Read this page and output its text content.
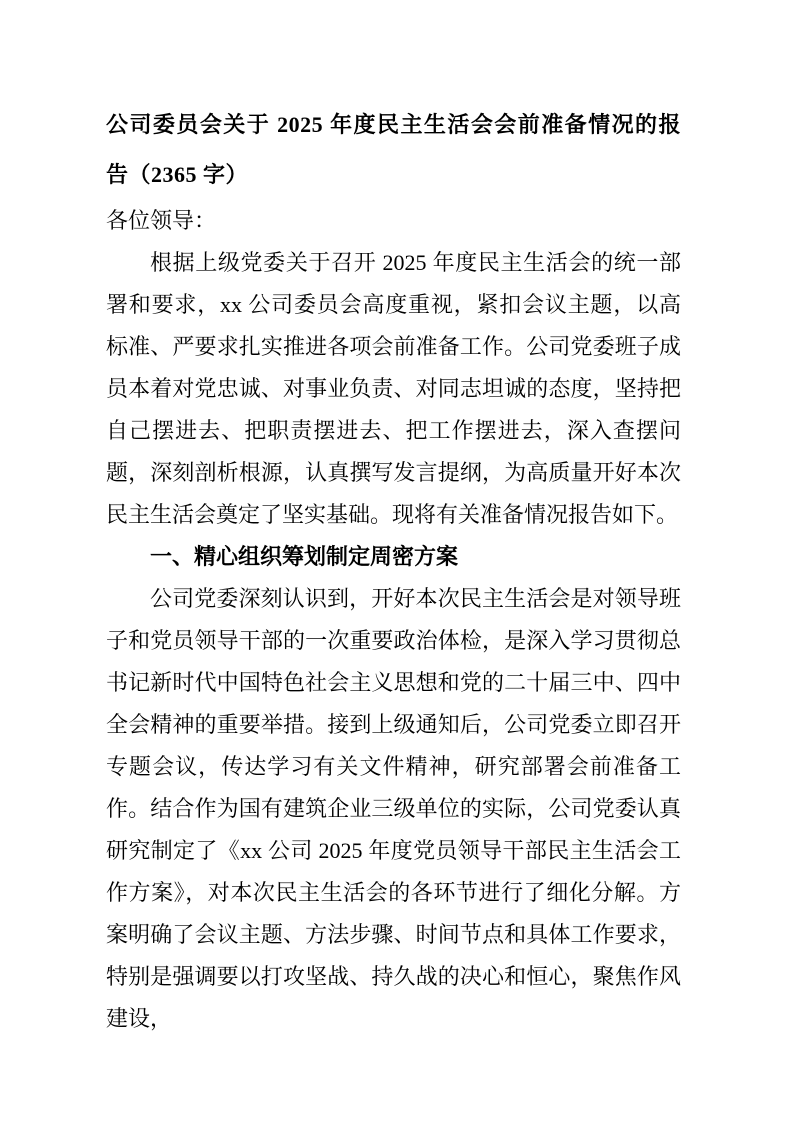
公司委员会关于 2025 年度民主生活会会前准备情况的报告（2365 字）

各位领导：

根据上级党委关于召开 2025 年度民主生活会的统一部署和要求，xx 公司委员会高度重视，紧扣会议主题，以高标准、严要求扎实推进各项会前准备工作。公司党委班子成员本着对党忠诚、对事业负责、对同志坦诚的态度，坚持把自己摆进去、把职责摆进去、把工作摆进去，深入查摆问题，深刻剖析根源，认真撰写发言提纲，为高质量开好本次民主生活会奠定了坚实基础。现将有关准备情况报告如下。

一、精心组织筹划制定周密方案

公司党委深刻认识到，开好本次民主生活会是对领导班子和党员领导干部的一次重要政治体检，是深入学习贯彻总书记新时代中国特色社会主义思想和党的二十届三中、四中全会精神的重要举措。接到上级通知后，公司党委立即召开专题会议，传达学习有关文件精神，研究部署会前准备工作。结合作为国有建筑企业三级单位的实际，公司党委认真研究制定了《xx 公司 2025 年度党员领导干部民主生活会工作方案》，对本次民主生活会的各环节进行了细化分解。方案明确了会议主题、方法步骤、时间节点和具体工作要求，特别是强调要以打攻坚战、持久战的决心和恒心，聚焦作风建设，
